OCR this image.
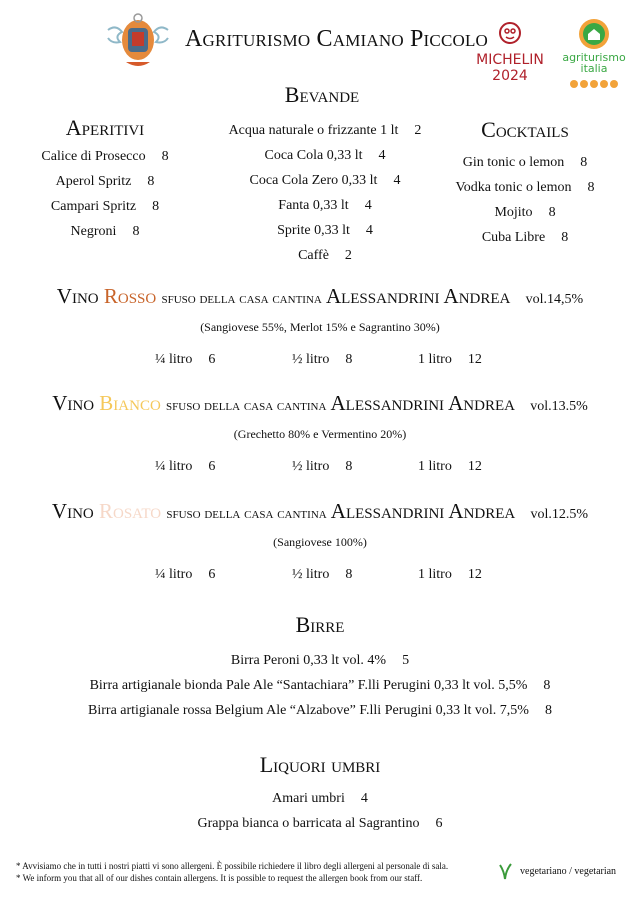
Agriturismo Camiano Piccolo
MICHELIN
2024
agriturismo
italia
Bevande
Aperitivi
Calice di Prosecco 8
Aperol Spritz 8
Campari Spritz 8
Negroni 8
Acqua naturale o frizzante 1 lt 2
Coca Cola 0,33 lt 4
Coca Cola Zero 0,33 lt 4
Fanta 0,33 lt 4
Sprite 0,33 lt 4
Caffè 2
Cocktails
Gin tonic o lemon 8
Vodka tonic o lemon 8
Mojito 8
Cuba Libre 8
Vino Rosso sfuso della casa cantina Alessandrini Andrea vol.14,5%
(Sangiovese 55%, Merlot 15% e Sagrantino 30%)
¼ litro 6	½ litro 8	1 litro 12
Vino Bianco sfuso della casa cantina Alessandrini Andrea vol.13.5%
(Grechetto 80% e Vermentino 20%)
¼ litro 6	½ litro 8	1 litro 12
Vino Rosato sfuso della casa cantina Alessandrini Andrea vol.12.5%
(Sangiovese 100%)
¼ litro 6	½ litro 8	1 litro 12
Birre
Birra Peroni 0,33 lt vol. 4% 5
Birra artigianale bionda Pale Ale “Santachiara” F.lli Perugini 0,33 lt vol. 5,5% 8
Birra artigianale rossa Belgium Ale “Alzabove” F.lli Perugini 0,33 lt vol. 7,5% 8
Liquori umbri
Amari umbri 4
Grappa bianca o barricata al Sagrantino 6
* Avvisiamo che in tutti i nostri piatti vi sono allergeni. È possibile richiedere il libro degli allergeni al personale di sala.
* We inform you that all of our dishes contain allergens. It is possible to request the allergen book from our staff.
vegetariano / vegetarian
